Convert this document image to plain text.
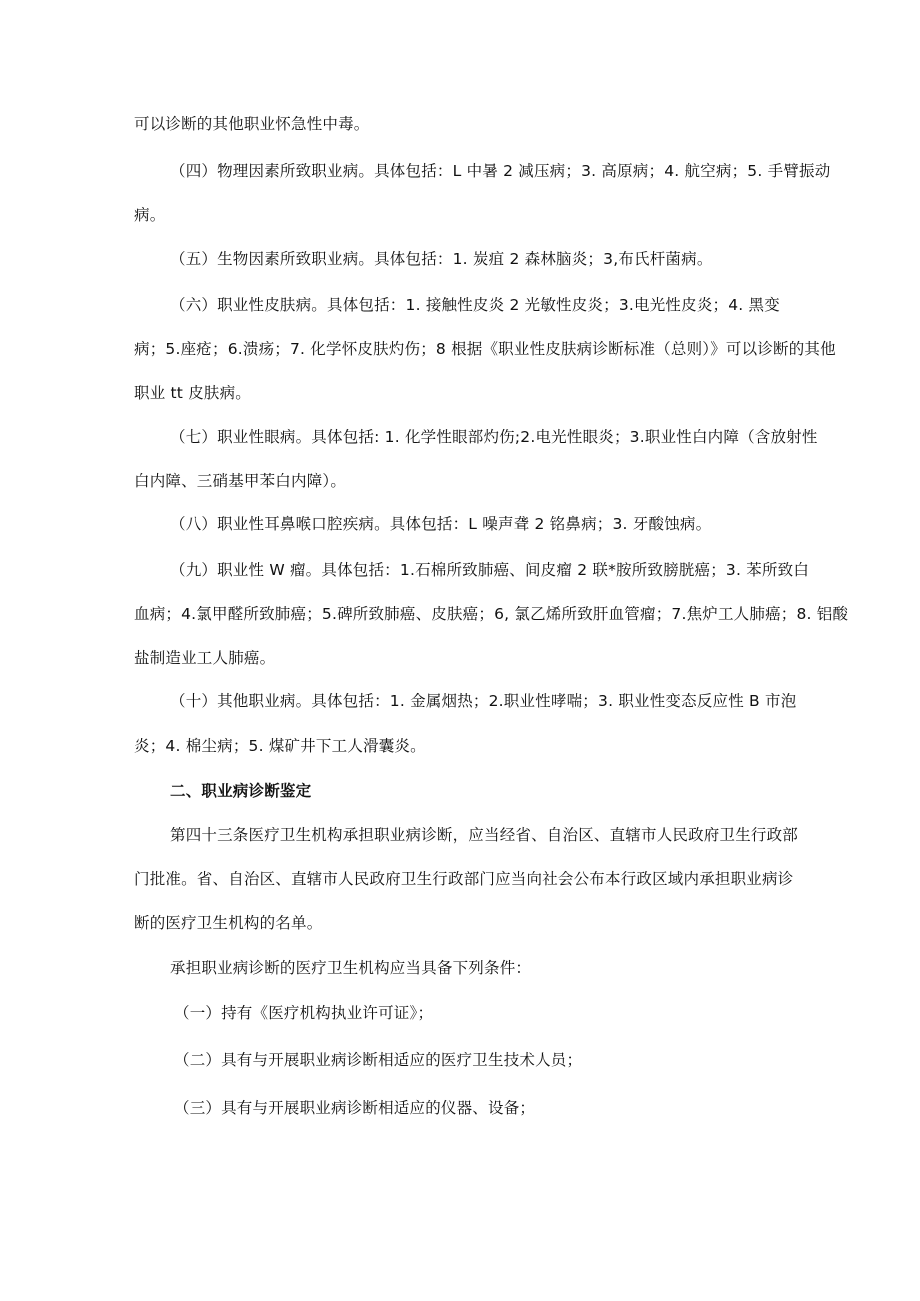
可以诊断的其他职业怀急性中毒。
（四）物理因素所致职业病。具体包括：L 中暑 2 减压病；3. 高原病；4. 航空病；5. 手臂振动
病。
（五）生物因素所致职业病。具体包括：1. 炭疽 2 森林脑炎；3,布氏杆菌病。
（六）职业性皮肤病。具体包括：1. 接触性皮炎 2 光敏性皮炎；3.电光性皮炎；4. 黑变
病；5.座疮；6.溃疡；7. 化学怀皮肤灼伤；8 根据《职业性皮肤病诊断标准（总则）》可以诊断的其他
职业 tt 皮肤病。
（七）职业性眼病。具体包括: 1. 化学性眼部灼伤;2.电光性眼炎；3.职业性白内障（含放射性
白内障、三硝基甲苯白内障）。
（八）职业性耳鼻喉口腔疾病。具体包括：L 噪声聋 2 铭鼻病；3. 牙酸蚀病。
（九）职业性 W 瘤。具体包括：1.石棉所致肺癌、间皮瘤 2 联*胺所致膀胱癌；3. 苯所致白
血病；4.氯甲醛所致肺癌；5.碑所致肺癌、皮肤癌；6, 氯乙烯所致肝血管瘤；7.焦炉工人肺癌；8. 铝酸
盐制造业工人肺癌。
（十）其他职业病。具体包括：1. 金属烟热；2.职业性哮喘；3. 职业性变态反应性 B 市泡
炎；4. 棉尘病；5. 煤矿井下工人滑囊炎。
二、职业病诊断鉴定
第四十三条医疗卫生机构承担职业病诊断，应当经省、自治区、直辖市人民政府卫生行政部
门批准。省、自治区、直辖市人民政府卫生行政部门应当向社会公布本行政区域内承担职业病诊
断的医疗卫生机构的名单。
承担职业病诊断的医疗卫生机构应当具备下列条件：
（一）持有《医疗机构执业许可证》；
（二）具有与开展职业病诊断相适应的医疗卫生技术人员；
（三）具有与开展职业病诊断相适应的仪器、设备；
